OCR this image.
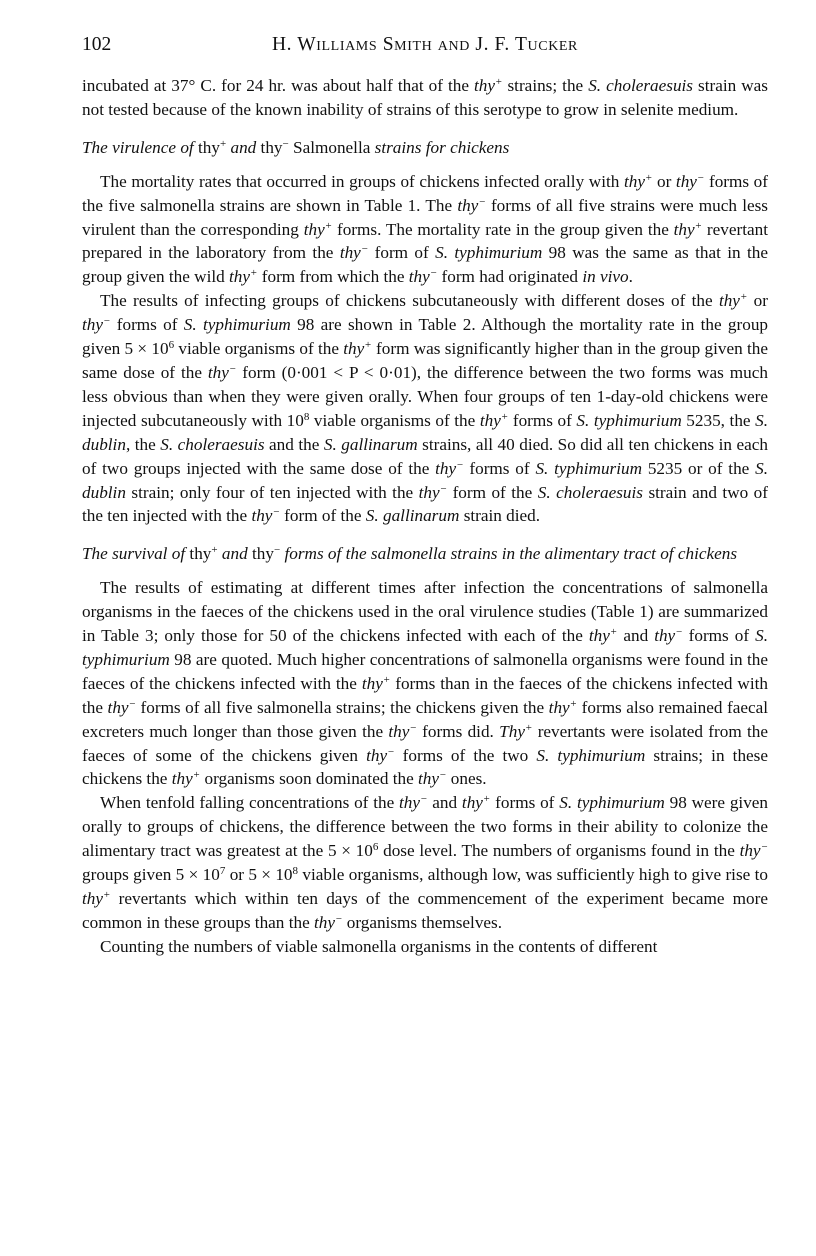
102	H. Williams Smith and J. F. Tucker

incubated at 37° C. for 24 hr. was about half that of the thy+ strains; the S. choleraesuis strain was not tested because of the known inability of strains of this serotype to grow in selenite medium.

The virulence of thy+ and thy− Salmonella strains for chickens

The mortality rates that occurred in groups of chickens infected orally with thy+ or thy− forms of the five salmonella strains are shown in Table 1. The thy− forms of all five strains were much less virulent than the corresponding thy+ forms. The mortality rate in the group given the thy+ revertant prepared in the laboratory from the thy− form of S. typhimurium 98 was the same as that in the group given the wild thy+ form from which the thy− form had originated in vivo.

The results of infecting groups of chickens subcutaneously with different doses of the thy+ or thy− forms of S. typhimurium 98 are shown in Table 2. Although the mortality rate in the group given $5 \times 10^6$ viable organisms of the thy+ form was significantly higher than in the group given the same dose of the thy− form (0·001 < P < 0·01), the difference between the two forms was much less obvious than when they were given orally. When four groups of ten 1-day-old chickens were injected subcutaneously with $10^8$ viable organisms of the thy+ forms of S. typhimurium 5235, the S. dublin, the S. choleraesuis and the S. gallinarum strains, all 40 died. So did all ten chickens in each of two groups injected with the same dose of the thy− forms of S. typhimurium 5235 or of the S. dublin strain; only four of ten injected with the thy− form of the S. choleraesuis strain and two of the ten injected with the thy− form of the S. gallinarum strain died.

The survival of thy+ and thy− forms of the salmonella strains in the alimentary tract of chickens

The results of estimating at different times after infection the concentrations of salmonella organisms in the faeces of the chickens used in the oral virulence studies (Table 1) are summarized in Table 3; only those for 50 of the chickens infected with each of the thy+ and thy− forms of S. typhimurium 98 are quoted. Much higher concentrations of salmonella organisms were found in the faeces of the chickens infected with the thy+ forms than in the faeces of the chickens infected with the thy− forms of all five salmonella strains; the chickens given the thy+ forms also remained faecal excreters much longer than those given the thy− forms did. Thy+ revertants were isolated from the faeces of some of the chickens given thy− forms of the two S. typhimurium strains; in these chickens the thy+ organisms soon dominated the thy− ones.

When tenfold falling concentrations of the thy− and thy+ forms of S. typhimurium 98 were given orally to groups of chickens, the difference between the two forms in their ability to colonize the alimentary tract was greatest at the $5 \times 10^6$ dose level. The numbers of organisms found in the thy− groups given $5 \times 10^7$ or $5 \times 10^8$ viable organisms, although low, was sufficiently high to give rise to thy+ revertants which within ten days of the commencement of the experiment became more common in these groups than the thy− organisms themselves.

Counting the numbers of viable salmonella organisms in the contents of different
